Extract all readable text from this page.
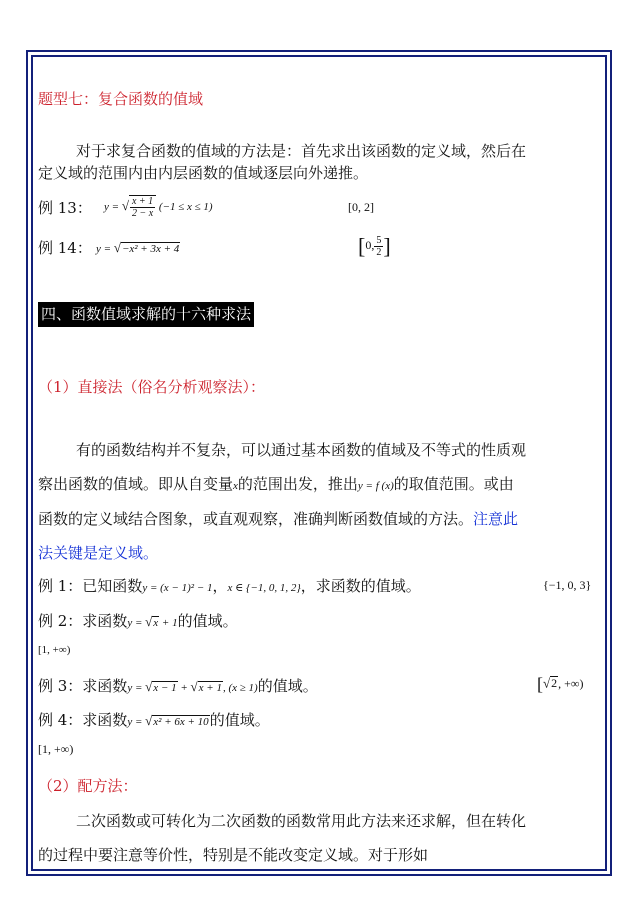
题型七：复合函数的值域
对于求复合函数的值域的方法是：首先求出该函数的定义域，然后在
定义域的范围内由内层函数的值域逐层向外递推。
例 13： y = √ $\frac{x + 1}{2 - x} (-1 \le x \le 1)$	[0, 2]
例 14： y = √−x² + 3x + 4	[0, $\frac{5}{2}$ ]
四、函数值域求解的十六种求法
（1）直接法（俗名分析观察法）：
有的函数结构并不复杂，可以通过基本函数的值域及不等式的性质观
察出函数的值域。即从自变量x的范围出发，推出y = f (x)的取值范围。或由
函数的定义域结合图象，或直观观察，准确判断函数值域的方法。注意此
法关键是定义域。
例 1：已知函数y = (x − 1)² − 1，x ∈ {−1, 0, 1, 2}，求函数的值域。	{−1, 0, 3}
例 2：求函数y = √x + 1的值域。
[1, +∞)
例 3：求函数y = √x − 1 + √x + 1, (x ≥ 1)的值域。	[√2, +∞)
例 4：求函数y = √x² + 6x + 10的值域。
[1, +∞)
（2）配方法：
二次函数或可转化为二次函数的函数常用此方法来还求解，但在转化
的过程中要注意等价性，特别是不能改变定义域。对于形如
